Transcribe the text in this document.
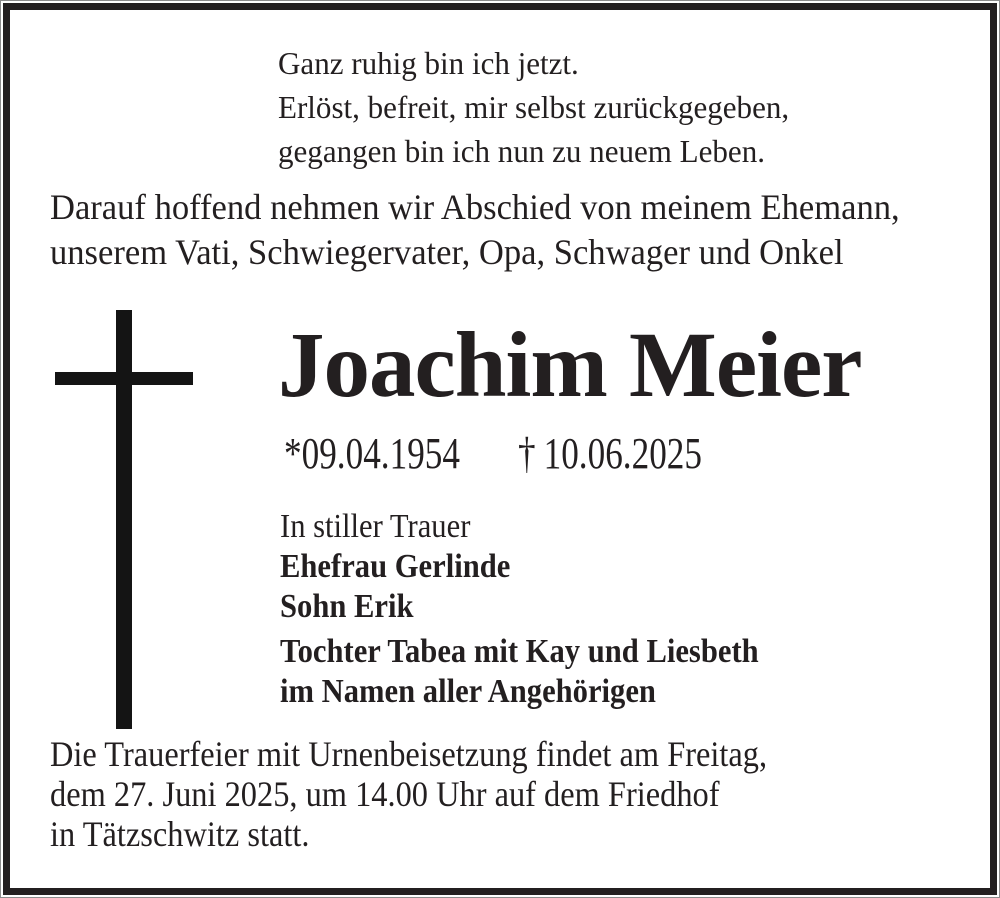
Ganz ruhig bin ich jetzt.
Erlöst, befreit, mir selbst zurückgegeben,
gegangen bin ich nun zu neuem Leben.
Darauf hoffend nehmen wir Abschied von meinem Ehemann,
unserem Vati, Schwiegervater, Opa, Schwager und Onkel
Joachim Meier
*09.04.1954 † 10.06.2025
In stiller Trauer
Ehefrau Gerlinde
Sohn Erik
Tochter Tabea mit Kay und Liesbeth
im Namen aller Angehörigen
Die Trauerfeier mit Urnenbeisetzung findet am Freitag,
dem 27. Juni 2025, um 14.00 Uhr auf dem Friedhof
in Tätzschwitz statt.
